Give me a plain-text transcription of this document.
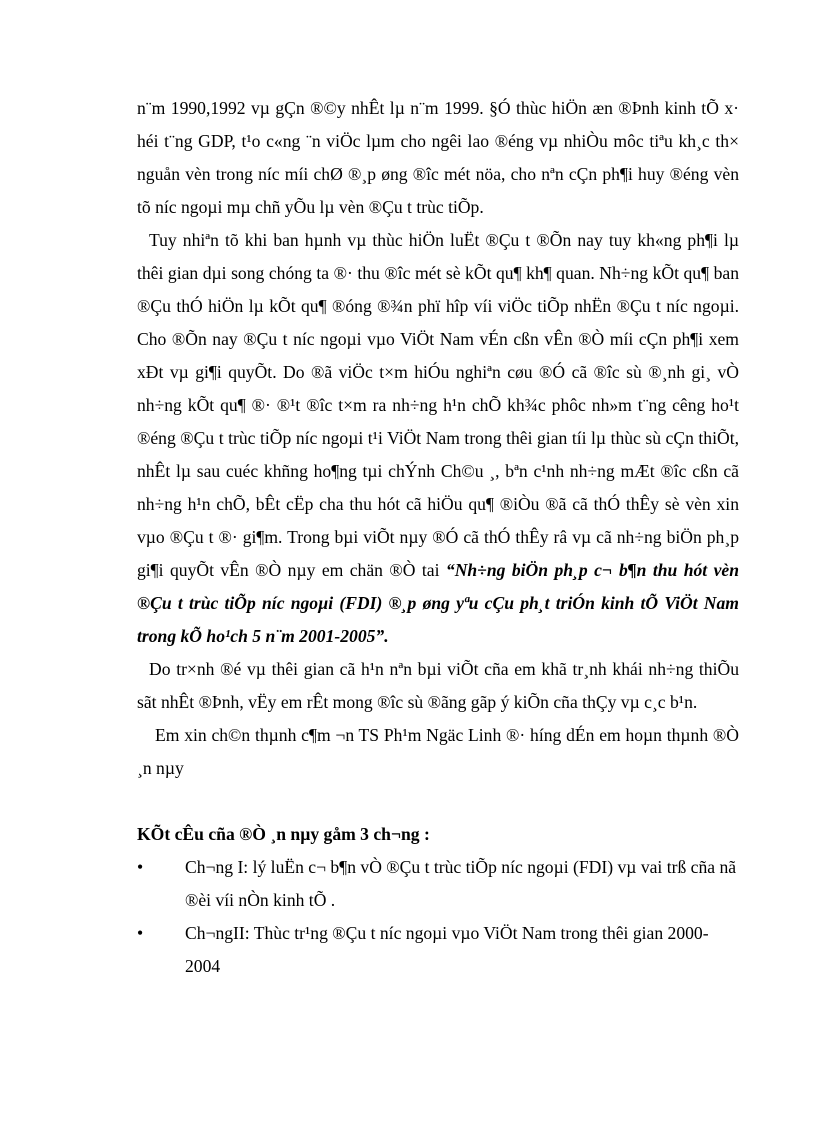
n¨m 1990,1992 vµ gÇn ®©y nhÊt lµ n¨m 1999. §Ó thùc hiÖn æn ®Þnh kinh tÕ x· héi t¨ng GDP, t¹o c«ng ¨n viÖc lµm cho ngêi lao ®éng vµ nhiÒu môc tiªu kh¸c th× nguån vèn trong níc míi chØ ®¸p øng ®îc mét nöa, cho nªn cÇn ph¶i huy ®éng vèn tõ níc ngoµi mµ chñ yÕu lµ vèn ®Çu t trùc tiÕp.

Tuy nhiªn tõ khi ban hµnh vµ thùc hiÖn luËt ®Çu t ®Õn nay tuy kh«ng ph¶i lµ thêi gian dµi song chóng ta ®· thu ®îc mét sè kÕt qu¶ kh¶ quan. Nh÷ng kÕt qu¶ ban ®Çu thÓ hiÖn lµ kÕt qu¶ ®óng ®¾n phï hîp víi viÖc tiÕp nhËn ®Çu t níc ngoµi. Cho ®Õn nay ®Çu t níc ngoµi vµo ViÖt Nam vÉn cßn vÊn ®Ò míi cÇn ph¶i xem xÐt vµ gi¶i quyÕt. Do ®ã viÖc t×m hiÓu nghiªn cøu ®Ó cã ®îc sù ®¸nh gi¸ vÒ nh÷ng kÕt qu¶ ®· ®¹t ®îc t×m ra nh÷ng h¹n chÕ kh¾c phôc nh»m t¨ng cêng ho¹t ®éng ®Çu t trùc tiÕp níc ngoµi t¹i ViÖt Nam trong thêi gian tíi lµ thùc sù cÇn thiÕt, nhÊt lµ sau cuéc khñng ho¶ng tµi chÝnh Ch©u ¸, bªn c¹nh nh÷ng mÆt ®îc cßn cã nh÷ng h¹n chÕ, bÊt cËp cha thu hót cã hiÖu qu¶ ®iÒu ®ã cã thÓ thÊy sè vèn xin vµo ®Çu t ®· gi¶m. Trong bµi viÕt nµy ®Ó cã thÓ thÊy râ vµ cã nh÷ng biÖn ph¸p gi¶i quyÕt vÊn ®Ò nµy em chän ®Ò tai “Nh÷ng biÖn ph¸p c¬ b¶n thu hót vèn ®Çu t trùc tiÕp níc ngoµi (FDI) ®¸p øng yªu cÇu ph¸t triÓn kinh tÕ ViÖt Nam trong kÕ ho¹ch 5 n¨m 2001-2005”.

Do tr×nh ®é vµ thêi gian cã h¹n nªn bµi viÕt cña em khã tr¸nh khái nh÷ng thiÕu sãt nhÊt ®Þnh, vËy em rÊt mong ®îc sù ®ãng gãp ý kiÕn cña thÇy vµ c¸c b¹n.

Em xin ch©n thµnh c¶m ¬n TS Ph¹m Ngäc Linh ®· híng dÉn em hoµn thµnh ®Ò ¸n nµy

KÕt cÊu cña ®Ò ¸n nµy gåm 3 ch¬ng :

•	Ch¬ng I: lý luËn c¬ b¶n vÒ ®Çu t trùc tiÕp níc ngoµi (FDI) vµ vai trß cña nã ®èi víi nÒn kinh tÕ .
•	Ch¬ngII: Thùc tr¹ng ®Çu t níc ngoµi vµo ViÖt Nam trong thêi gian 2000-2004
